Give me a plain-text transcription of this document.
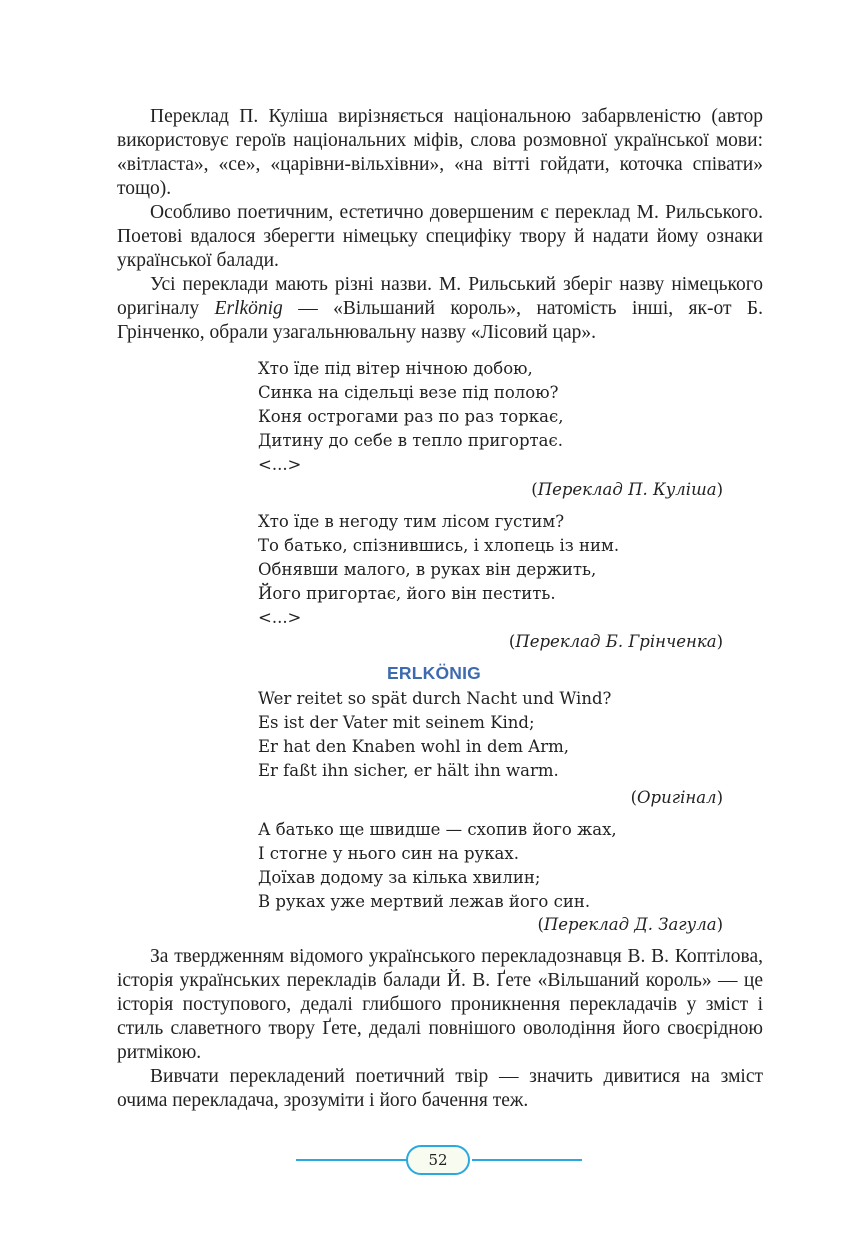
Переклад П. Куліша вирізняється національною забарвленістю (автор використовує героїв національних міфів, слова розмовної української мови: «вітласта», «се», «царівни-вільхівни», «на вітті гойдати, коточка співати» тощо).

Особливо поетичним, естетично довершеним є переклад М. Рильського. Поетові вдалося зберегти німецьку специфіку твору й надати йому ознаки української балади.

Усі переклади мають різні назви. М. Рильський зберіг назву німецького оригіналу Erlkönig — «Вільшаний король», натомість інші, як-от Б. Грінченко, обрали узагальнювальну назву «Лісовий цар».

Хто їде під вітер нічною добою,
Синка на сідельці везе під полою?
Коня острогами раз по раз торкає,
Дитину до себе в тепло пригортає.
<...>
(Переклад П. Куліша)
Хто їде в негоду тим лісом густим?
То батько, спізнившись, і хлопець із ним.
Обнявши малого, в руках він держить,
Його пригортає, його він пестить.
<...>
(Переклад Б. Грінченка)
ERLKÖNIG
Wer reitet so spät durch Nacht und Wind?
Es ist der Vater mit seinem Kind;
Er hat den Knaben wohl in dem Arm,
Er faßt ihn sicher, er hält ihn warm.
(Оригінал)
А батько ще швидше — схопив його жах,
І стогне у нього син на руках.
Доїхав додому за кілька хвилин;
В руках уже мертвий лежав його син.
(Переклад Д. Загула)

За твердженням відомого українського перекладознавця В. В. Коптілова, історія українських перекладів балади Й. В. Ґете «Вільшаний король» — це історія поступового, дедалі глибшого проникнення перекладачів у зміст і стиль славетного твору Ґете, дедалі повнішого оволодіння його своєрідною ритмікою.

Вивчати перекладений поетичний твір — значить дивитися на зміст очима перекладача, зрозуміти і його бачення теж.

52
